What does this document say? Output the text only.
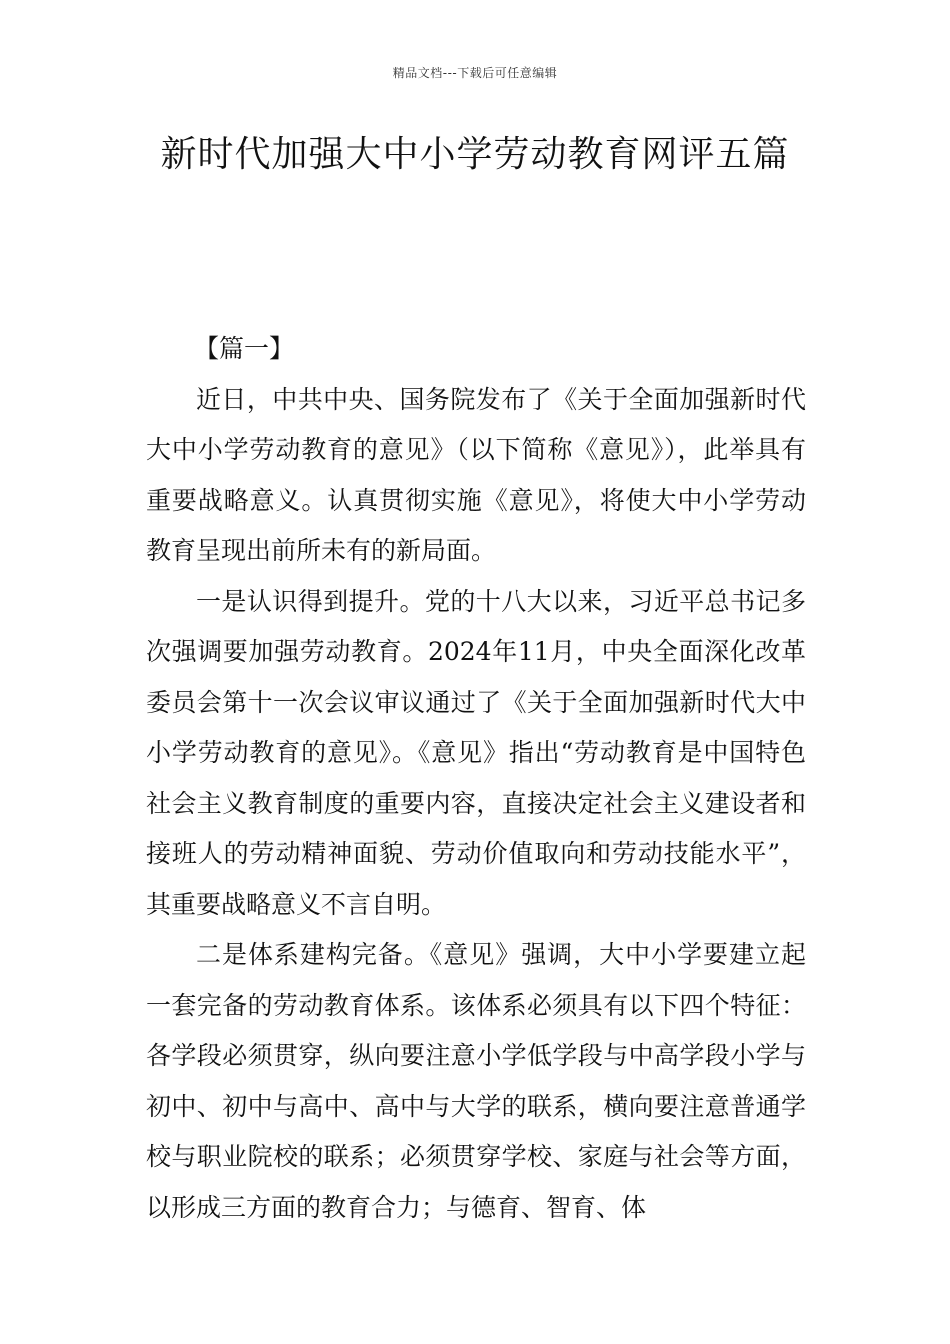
精品文档---下载后可任意编辑
新时代加强大中小学劳动教育网评五篇

【篇一】

近日，中共中央、国务院发布了《关于全面加强新时代大中小学劳动教育的意见》（以下简称《意见》），此举具有重要战略意义。认真贯彻实施《意见》，将使大中小学劳动教育呈现出前所未有的新局面。

一是认识得到提升。党的十八大以来，习近平总书记多次强调要加强劳动教育。2024年11月，中央全面深化改革委员会第十一次会议审议通过了《关于全面加强新时代大中小学劳动教育的意见》。《意见》指出“劳动教育是中国特色社会主义教育制度的重要内容，直接决定社会主义建设者和接班人的劳动精神面貌、劳动价值取向和劳动技能水平”，其重要战略意义不言自明。

二是体系建构完备。《意见》强调，大中小学要建立起一套完备的劳动教育体系。该体系必须具有以下四个特征：各学段必须贯穿，纵向要注意小学低学段与中高学段小学与初中、初中与高中、高中与大学的联系，横向要注意普通学校与职业院校的联系；必须贯穿学校、家庭与社会等方面，以形成三方面的教育合力；与德育、智育、体
